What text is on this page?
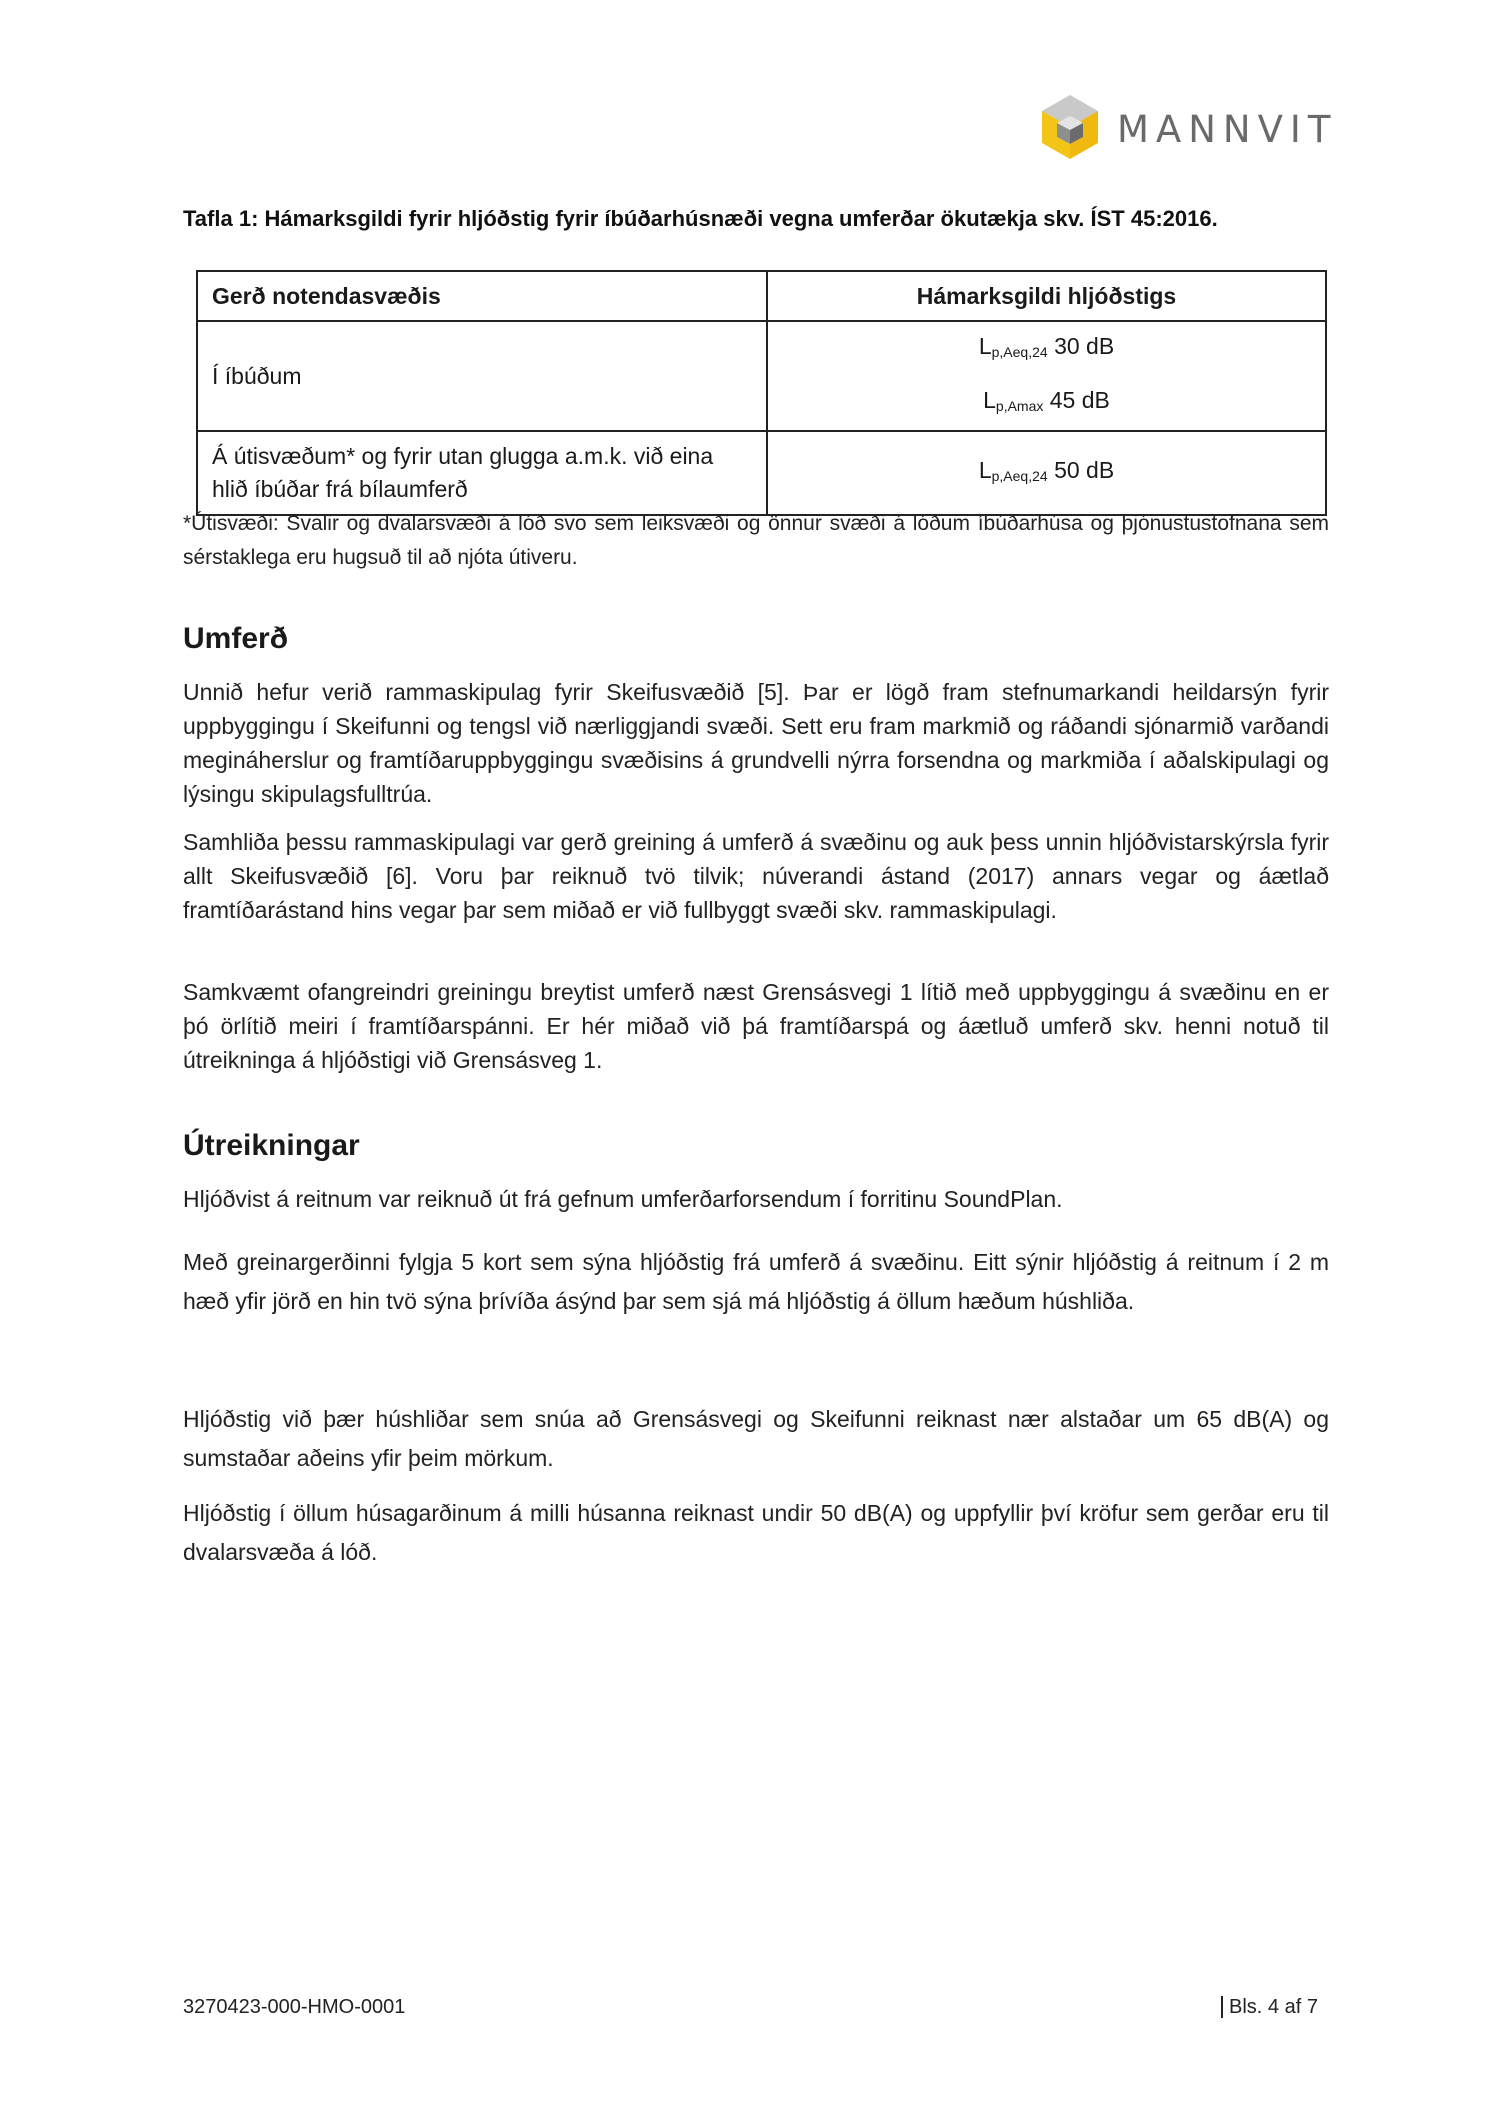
MANNVIT
Tafla 1: Hámarksgildi fyrir hljóðstig fyrir íbúðarhúsnæði vegna umferðar ökutækja skv. ÍST 45:2016.
Gerð notendasvæðis	Hámarksgildi hljóðstigs
Í íbúðum	$L_{p,Aeq,24}$ 30 dB
$L_{p,Amax}$ 45 dB

Á útisvæðum* og fyrir utan glugga a.m.k. við eina hlið íbúðar frá bílaumferð	$L_{p,Aeq,24}$ 50 dB
*Útisvæði: Svalir og dvalarsvæði á lóð svo sem leiksvæði og önnur svæði á lóðum íbúðarhúsa og þjónustustofnana sem sérstaklega eru hugsuð til að njóta útiveru.
Umferð

Unnið hefur verið rammaskipulag fyrir Skeifusvæðið [5]. Þar er lögð fram stefnumarkandi heildarsýn fyrir uppbyggingu í Skeifunni og tengsl við nærliggjandi svæði. Sett eru fram markmið og ráðandi sjónarmið varðandi megináherslur og framtíðaruppbyggingu svæðisins á grundvelli nýrra forsendna og markmiða í aðalskipulagi og lýsingu skipulagsfulltrúa.

Samhliða þessu rammaskipulagi var gerð greining á umferð á svæðinu og auk þess unnin hljóðvistarskýrsla fyrir allt Skeifusvæðið [6]. Voru þar reiknuð tvö tilvik; núverandi ástand (2017) annars vegar og áætlað framtíðarástand hins vegar þar sem miðað er við fullbyggt svæði skv. rammaskipulagi.

Samkvæmt ofangreindri greiningu breytist umferð næst Grensásvegi 1 lítið með uppbyggingu á svæðinu en er þó örlítið meiri í framtíðarspánni. Er hér miðað við þá framtíðarspá og áætluð umferð skv. henni notuð til útreikninga á hljóðstigi við Grensásveg 1.

Útreikningar

Hljóðvist á reitnum var reiknuð út frá gefnum umferðarforsendum í forritinu SoundPlan.

Með greinargerðinni fylgja 5 kort sem sýna hljóðstig frá umferð á svæðinu. Eitt sýnir hljóðstig á reitnum í 2 m hæð yfir jörð en hin tvö sýna þrívíða ásýnd þar sem sjá má hljóðstig á öllum hæðum húshliða.

Hljóðstig við þær húshliðar sem snúa að Grensásvegi og Skeifunni reiknast nær alstaðar um 65 dB(A) og sumstaðar aðeins yfir þeim mörkum.

Hljóðstig í öllum húsagarðinum á milli húsanna reiknast undir 50 dB(A) og uppfyllir því kröfur sem gerðar eru til dvalarsvæða á lóð.

3270423-000-HMO-0001	Bls. 4 af 7
